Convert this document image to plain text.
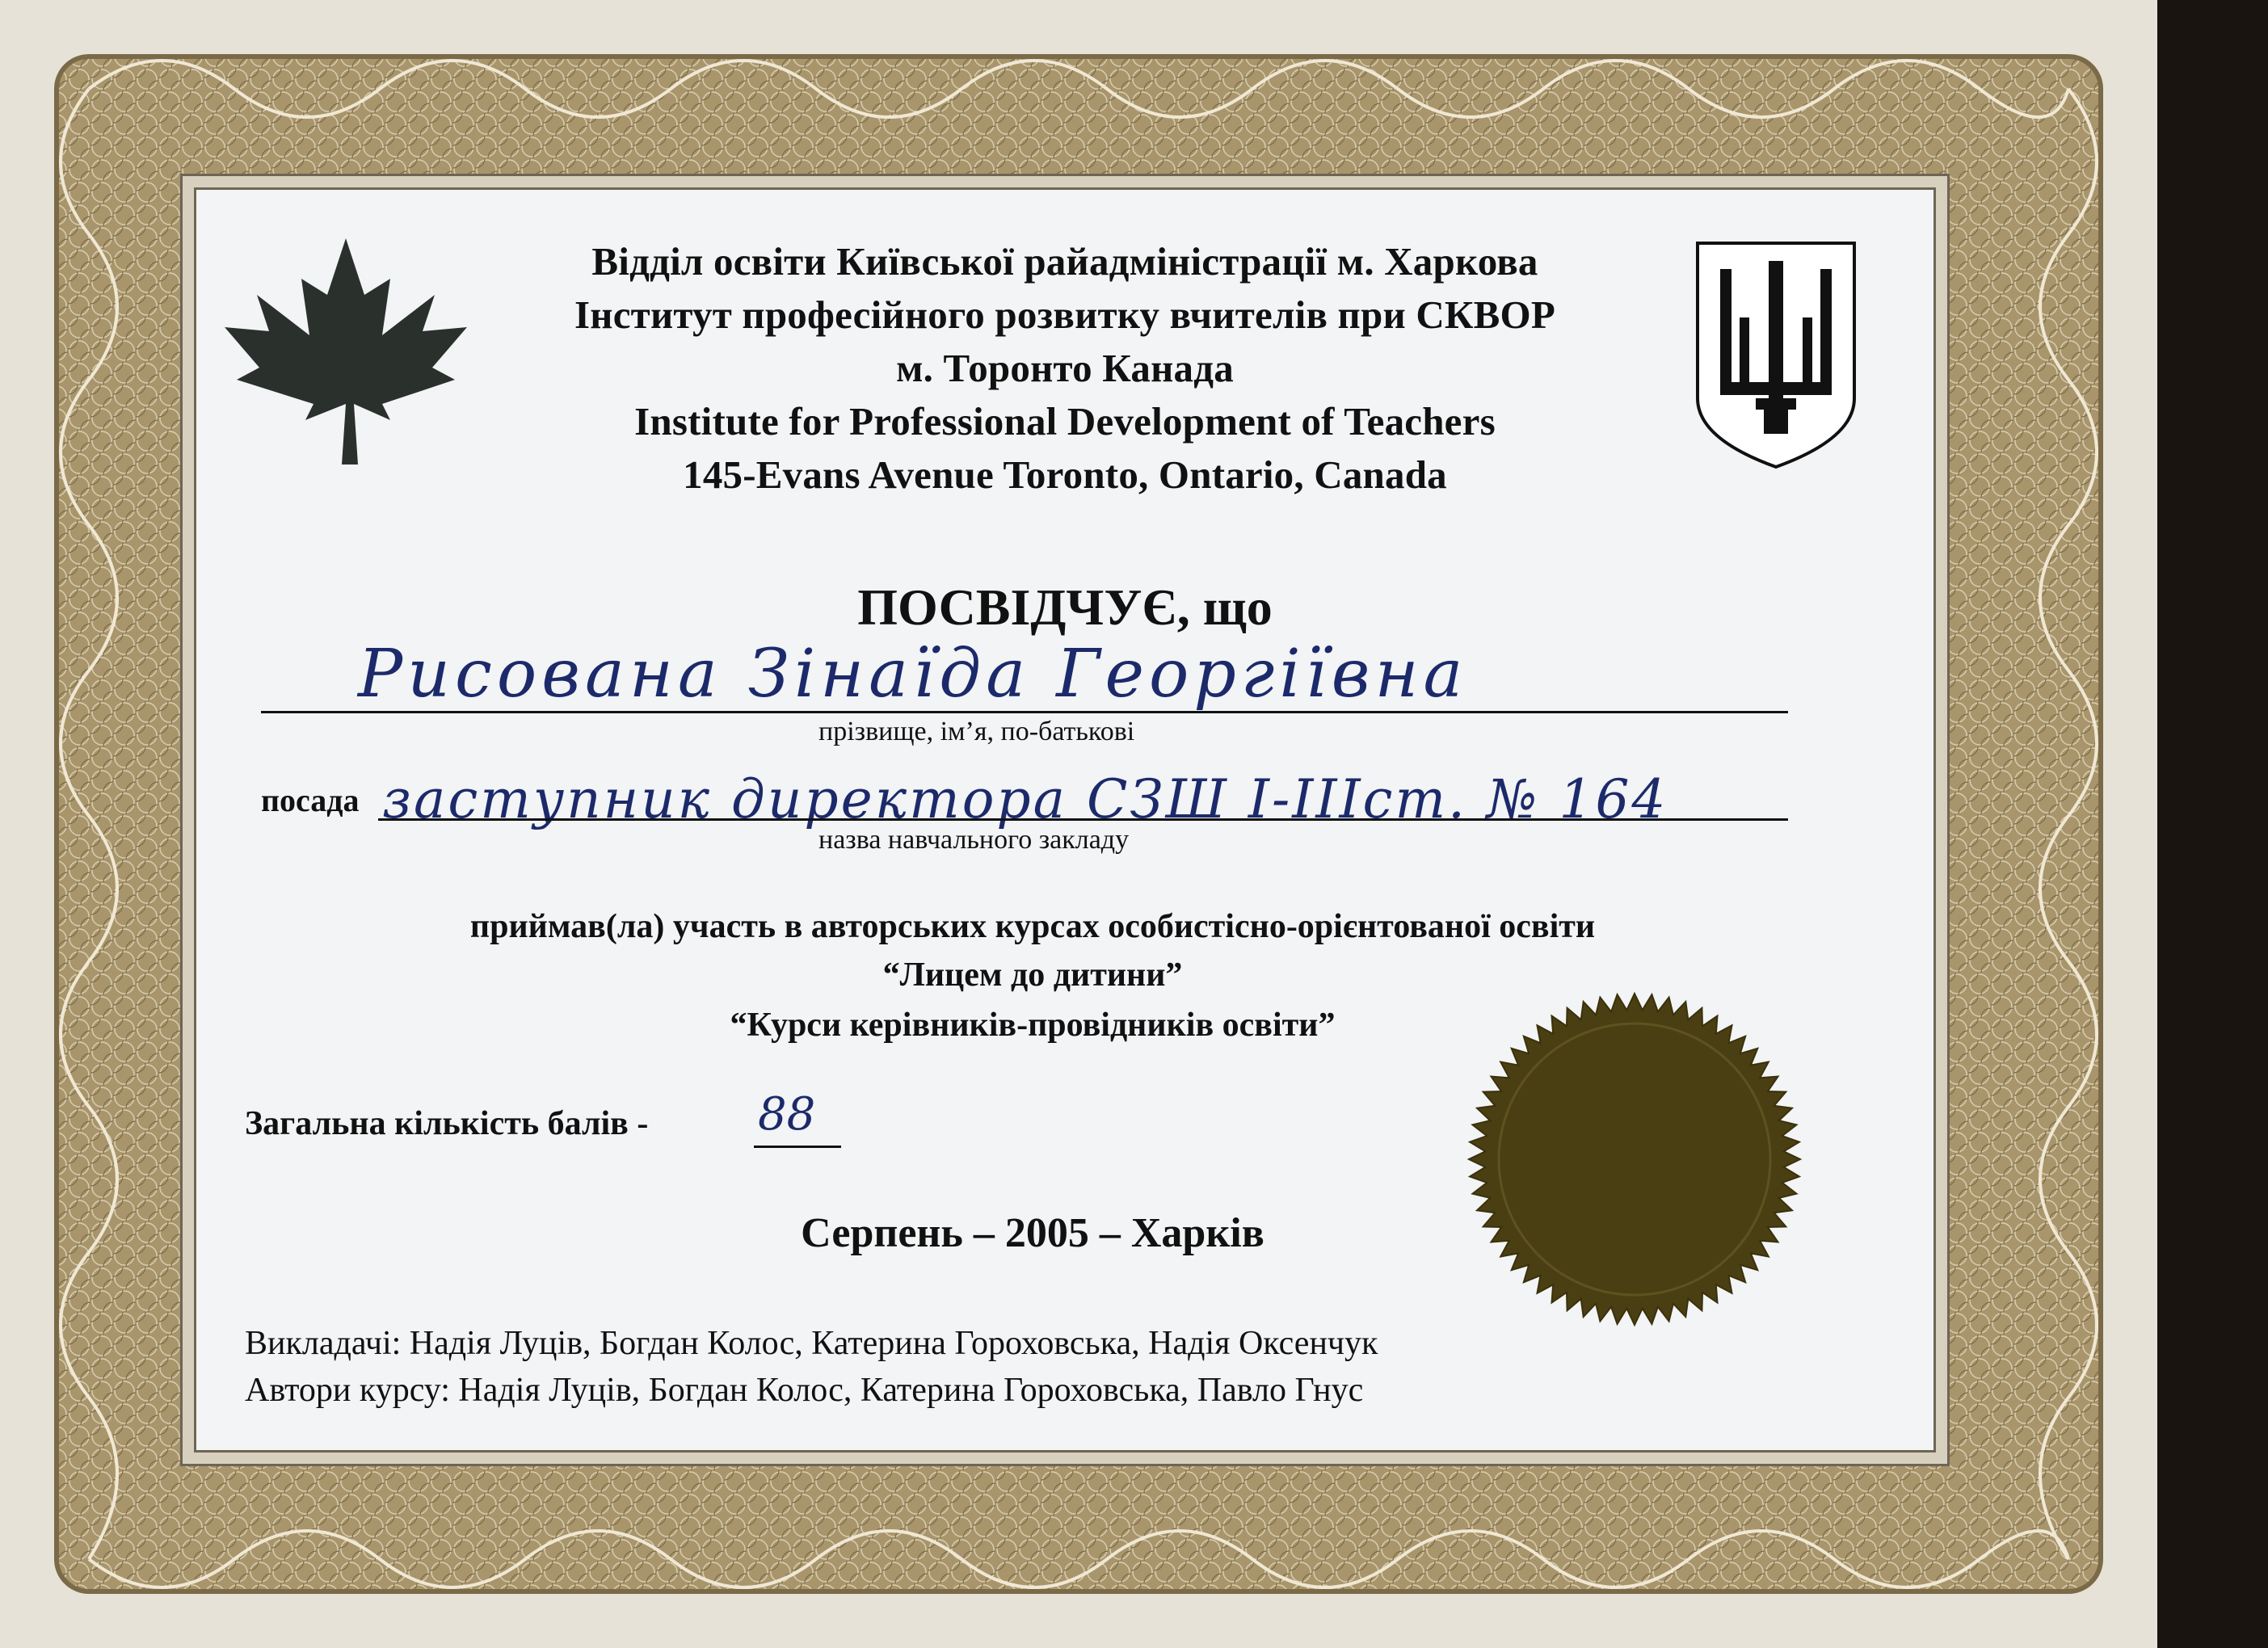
Відділ освіти Київської райадміністрації м. Харкова
Інститут професійного розвитку вчителів при СКВОР
м. Торонто Канада
Institute for Professional Development of Teachers
145-Evans Avenue Toronto, Ontario, Canada
ПОСВІДЧУЄ, що
Рисована Зінаїда Георгіївна
прізвище, ім’я, по-батькові
посада заступник директора СЗШ І-ІІІст. № 164
назва навчального закладу
приймав(ла) участь в авторських курсах особистісно-орієнтованої освіти
“Лицем до дитини”
“Курси керівників-провідників освіти”
Загальна кількість балів - 88
Серпень – 2005 – Харків
Викладачі: Надія Луців, Богдан Колос, Катерина Гороховська, Надія Оксенчук
Автори курсу: Надія Луців, Богдан Колос, Катерина Гороховська, Павло Гнус
